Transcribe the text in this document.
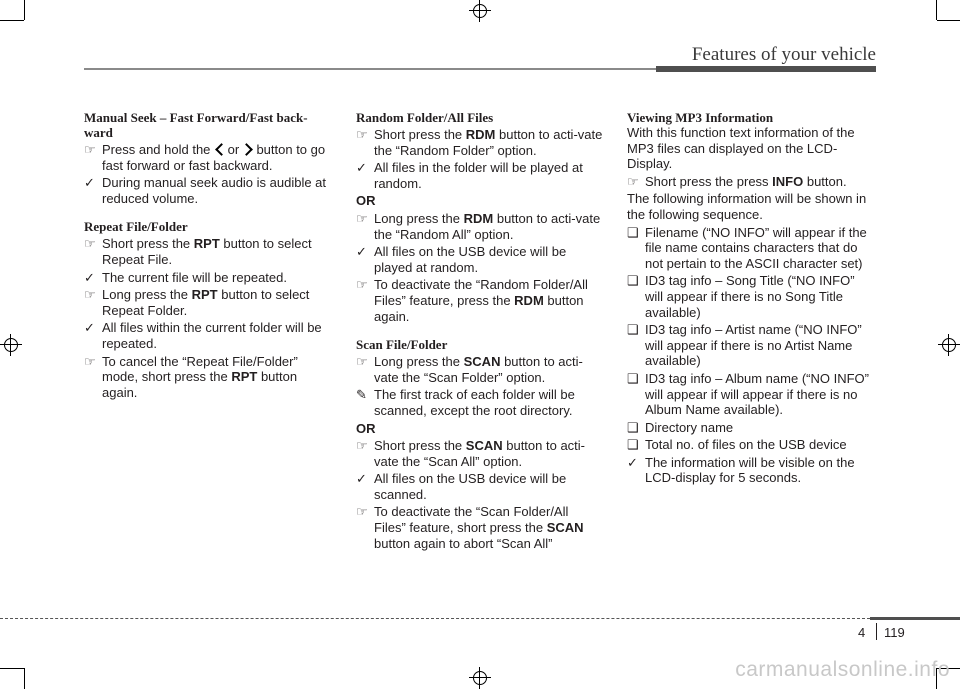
Features of your vehicle

Manual Seek – Fast Forward/Fast back-ward

☞ Press and hold the  or  button to go fast forward or fast backward.
✓ During manual seek audio is audible at reduced volume.

Repeat File/Folder

☞ Short press the RPT button to select Repeat File.
✓ The current file will be repeated.
☞ Long press the RPT button to select Repeat Folder.
✓ All files within the current folder will be repeated.
☞ To cancel the “Repeat File/Folder” mode, short press the RPT button again.

Random Folder/All Files

☞ Short press the RDM button to acti-vate the “Random Folder” option.
✓ All files in the folder will be played at random.

OR

☞ Long press the RDM button to acti-vate the “Random All” option.
✓ All files on the USB device will be played at random.
☞ To deactivate the “Random Folder/All Files” feature, press the RDM button again.

Scan File/Folder

☞ Long press the SCAN button to acti-vate the “Scan Folder” option.
✎ The first track of each folder will be scanned, except the root directory.

OR

☞ Short press the SCAN button to acti-vate the “Scan All” option.
✓ All files on the USB device will be scanned.
☞ To deactivate the “Scan Folder/All Files” feature, short press the SCAN button again to abort “Scan All”

Viewing MP3 Information

With this function text information of the MP3 files can displayed on the LCD-Display.

☞ Short press the press INFO button.

The following information will be shown in the following sequence.

❑ Filename (“NO INFO” will appear if the file name contains characters that do not pertain to the ASCII character set)
❑ ID3 tag info – Song Title (“NO INFO” will appear if there is no Song Title available)
❑ ID3 tag info – Artist name (“NO INFO” will appear if there is no Artist Name available)
❑ ID3 tag info – Album name (“NO INFO” will appear if will appear if there is no Album Name available).
❑ Directory name
❑ Total no. of files on the USB device
✓ The information will be visible on the LCD-display for 5 seconds.
4 119
carmanualsonline.info
